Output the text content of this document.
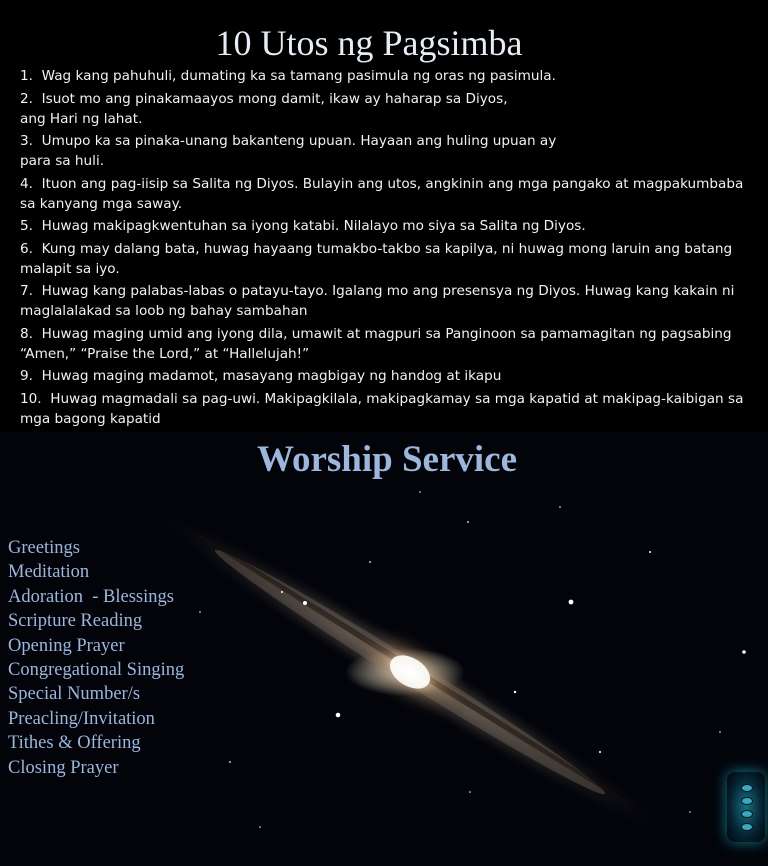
10 Utos ng Pagsimba
1. Wag kang pahuhuli, dumating ka sa tamang pasimula ng oras ng pasimula.
2. Isuot mo ang pinakamaayos mong damit, ikaw ay haharap sa Diyos,
ang Hari ng lahat.
3. Umupo ka sa pinaka-unang bakanteng upuan. Hayaan ang huling upuan ay
para sa huli.
4. Ituon ang pag-iisip sa Salita ng Diyos. Bulayin ang utos, angkinin ang mga pangako at magpakumbaba
sa kanyang mga saway.
5. Huwag makipagkwentuhan sa iyong katabi. Nilalayo mo siya sa Salita ng Diyos.
6. Kung may dalang bata, huwag hayaang tumakbo-takbo sa kapilya, ni huwag mong laruin ang batang
malapit sa iyo.
7. Huwag kang palabas-labas o patayu-tayo. Igalang mo ang presensya ng Diyos. Huwag kang kakain ni
maglalalakad sa loob ng bahay sambahan
8. Huwag maging umid ang iyong dila, umawit at magpuri sa Panginoon sa pamamagitan ng pagsabing
“Amen,” “Praise the Lord,” at “Hallelujah!”
9. Huwag maging madamot, masayang magbigay ng handog at ikapu
10. Huwag magmadali sa pag-uwi. Makipagkilala, makipagkamay sa mga kapatid at makipag-kaibigan sa
mga bagong kapatid
Worship Service
Greetings
Meditation
Adoration  - Blessings
Scripture Reading
Opening Prayer
Congregational Singing
Special Number/s
Preacling/Invitation
Tithes & Offering
Closing Prayer
